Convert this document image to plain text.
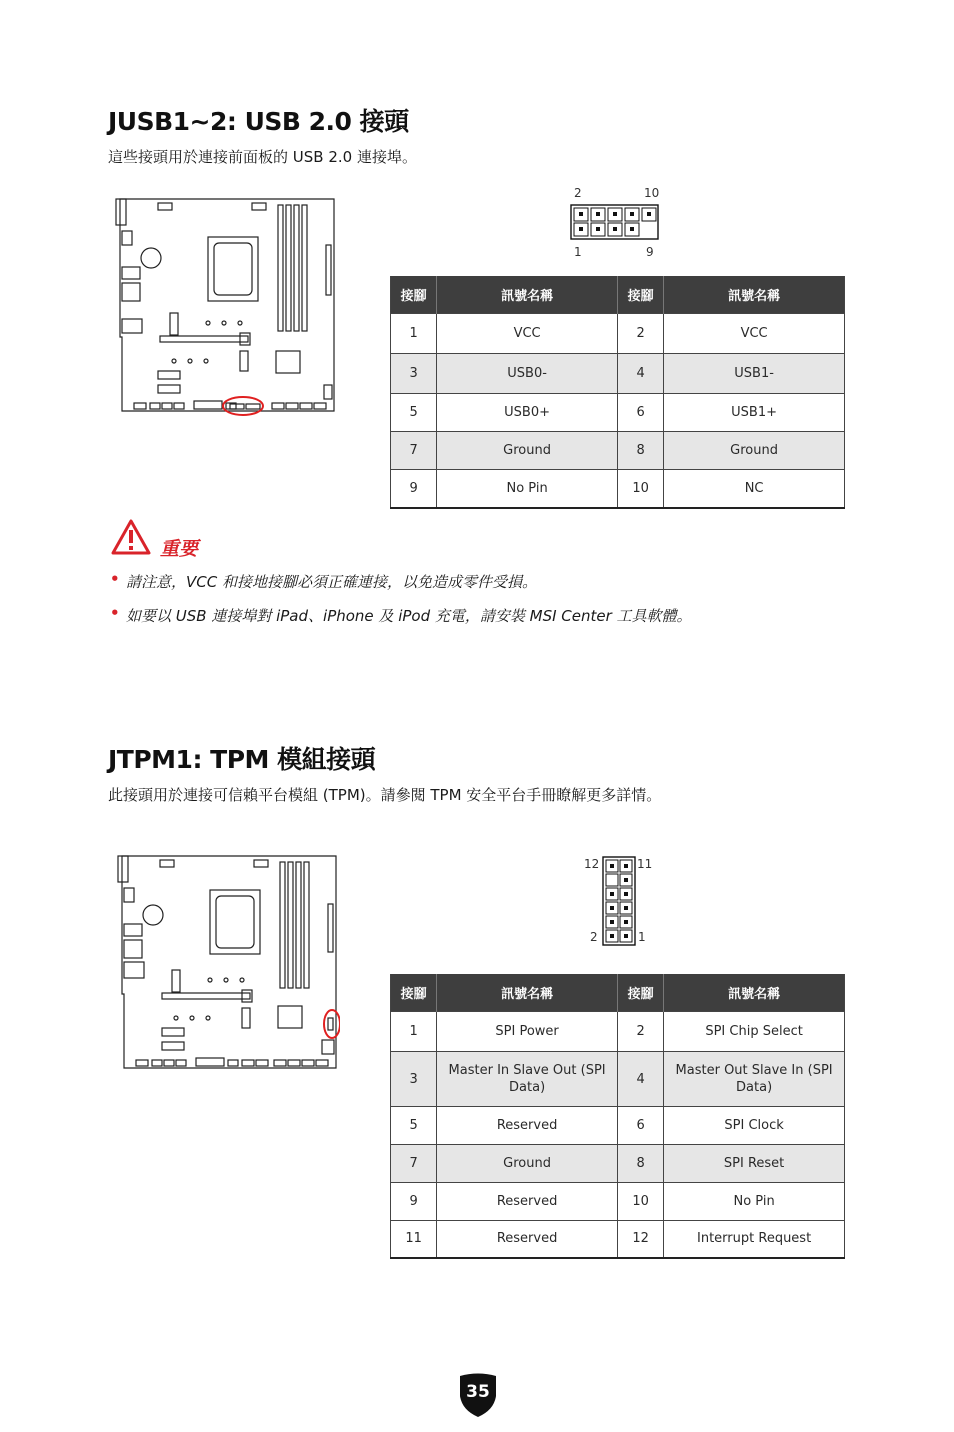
JUSB1~2: USB 2.0 接頭
這些接頭用於連接前面板的 USB 2.0 連接埠。
2	10
1	9
接腳	訊號名稱	接腳	訊號名稱
1	VCC	2	VCC
3	USB0-	4	USB1-
5	USB0+	6	USB1+
7	Ground	8	Ground
9	No Pin	10	NC
重要
• 請注意，VCC 和接地接腳必須正確連接，以免造成零件受損。
• 如要以 USB 連接埠對 iPad、iPhone 及 iPod 充電，請安裝 MSI Center 工具軟體。
JTPM1: TPM 模組接頭
此接頭用於連接可信賴平台模組 (TPM)。請參閱 TPM 安全平台手冊瞭解更多詳情。
12	11
2	1
接腳	訊號名稱	接腳	訊號名稱
1	SPI Power	2	SPI Chip Select
3	Master In Slave Out (SPI Data)	4	Master Out Slave In (SPI Data)
5	Reserved	6	SPI Clock
7	Ground	8	SPI Reset
9	Reserved	10	No Pin
11	Reserved	12	Interrupt Request
35
